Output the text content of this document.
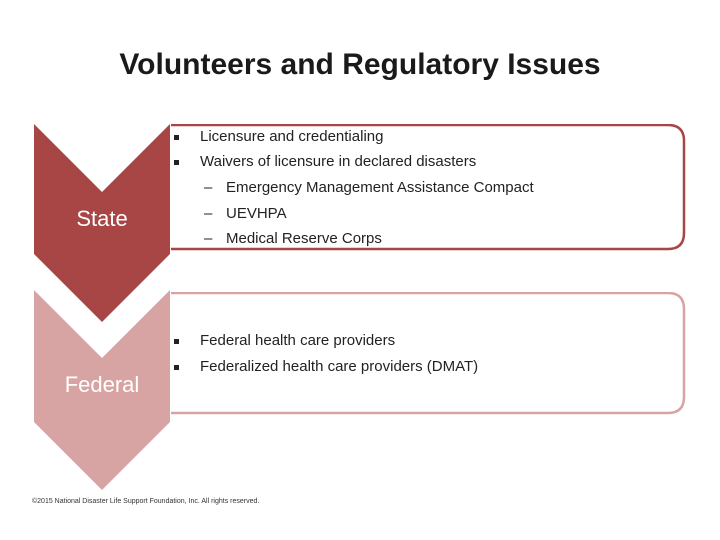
Volunteers and Regulatory Issues
State
Federal
Licensure and credentialing
Waivers of licensure in declared disasters
– Emergency Management Assistance Compact
– UEVHPA
– Medical Reserve Corps
Federal health care providers
Federalized health care providers (DMAT)
©2015 National Disaster Life Support Foundation, Inc. All rights reserved.
